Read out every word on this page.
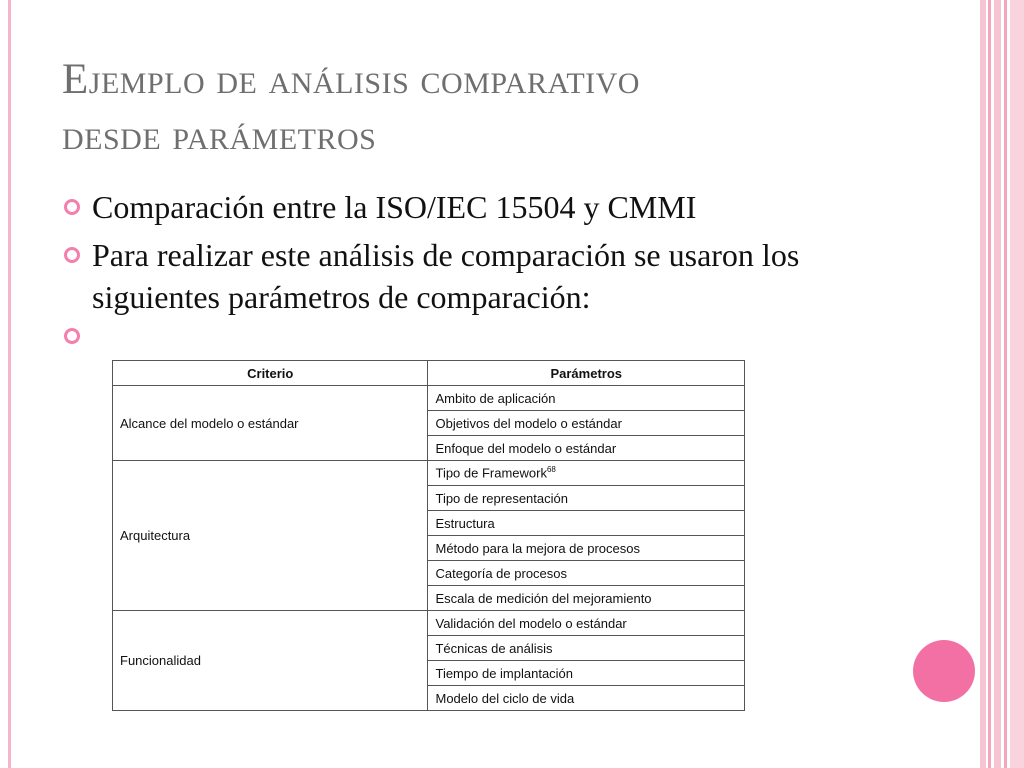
Ejemplo de análisis comparativo
desde parámetros
Comparación entre la ISO/IEC 15504 y CMMI
Para realizar este análisis de comparación se usaron los siguientes parámetros de comparación:
Criterio	Parámetros
Alcance del modelo o estándar	Ambito de aplicación
	Objetivos del modelo o estándar
	Enfoque del modelo o estándar
Arquitectura	Tipo de Framework$^{68}$
	Tipo de representación
	Estructura
	Método para la mejora de procesos
	Categoría de procesos
	Escala de medición del mejoramiento
Funcionalidad	Validación del modelo o estándar
	Técnicas de análisis
	Tiempo de implantación
	Modelo del ciclo de vida
